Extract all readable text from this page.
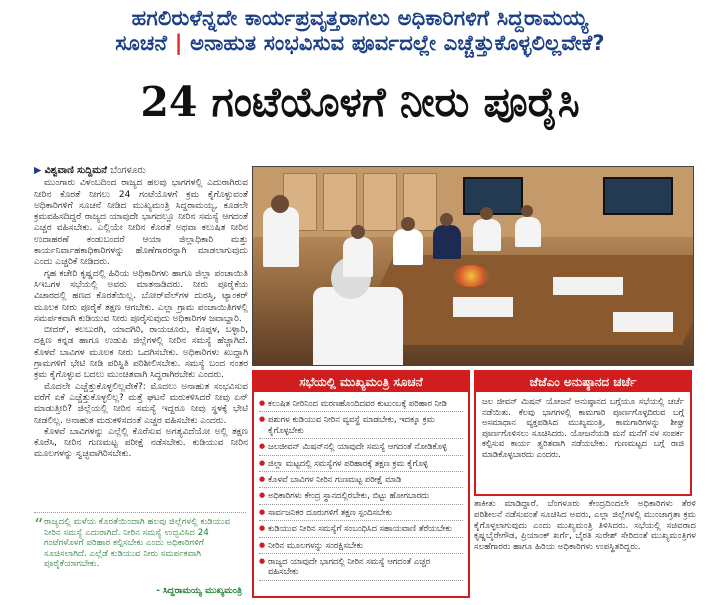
ಹಗಲಿರುಳೆನ್ನದೇ ಕಾರ್ಯಪ್ರವೃತ್ತರಾಗಲು ಅಧಿಕಾರಿಗಳಿಗೆ ಸಿದ್ದರಾಮಯ್ಯ
ಸೂಚನೆ | ಅನಾಹುತ ಸಂಭವಿಸುವ ಪೂರ್ವದಲ್ಲೇ ಎಚ್ಚೆತ್ತುಕೊಳ್ಳಲಿಲ್ಲವೇಕೆ?
24 ಗಂಟೆಯೊಳಗೆ ನೀರು ಪೂರೈಸಿ
▶ ವಿಶ್ವವಾಣಿ ಸುದ್ದಿಮನೆ ಬೆಂಗಳೂರು

ಮುಂಗಾರು ವಿಳಂಬದಿಂದ ರಾಜ್ಯದ ಹಲವು ಭಾಗಗಳಲ್ಲಿ ಎದುರಾಗಿರುವ ನೀರಿನ ಕೊರತೆ ನೀಗಲು 24 ಗಂಟೆಯೊಳಗೆ ಕ್ರಮ ಕೈಗೊಳ್ಳುವಂತೆ ಅಧಿಕಾರಿಗಳಿಗೆ ಸೂಚನೆ ನೀಡಿದ ಮುಖ್ಯಮಂತ್ರಿ ಸಿದ್ದರಾಮಯ್ಯ, ಕೂಡಲೇ ಕ್ರಮವಹಿಸದಿದ್ದರೆ ರಾಜ್ಯದ ಯಾವುದೇ ಭಾಗದಲ್ಲೂ ನೀರಿನ ಸಮಸ್ಯೆ ಆಗದಂತೆ ಎಚ್ಚರ ವಹಿಸಬೇಕು. ಎಲ್ಲಿಯೇ ನೀರಿನ ಕೊರತೆ ಅಥವಾ ಕಲುಷಿತ ನೀರಿನ ಉದಾಹರಣೆ ಕಂಡುಬಂದರೆ ಆಯಾ ಜಿಲ್ಲಾಧಿಕಾರಿ ಮತ್ತು ಕಾರ್ಯನಿರ್ವಾಹಕಾಧಿಕಾರಿಗಳನ್ನು ಹೊಣೆಗಾರರನ್ನಾಗಿ ಮಾಡಲಾಗುವುದು ಎಂದು ಎಚ್ಚರಿಕೆ ನೀಡಿದರು.

ಗೃಹ ಕಚೇರಿ ಕೃಷ್ಣದಲ್ಲಿ ಹಿರಿಯ ಅಧಿಕಾರಿಗಳು ಹಾಗೂ ಜಿಲ್ಲಾ ಪಂಚಾಯಿತಿ ಸಿಇಒಗಳ ಸಭೆಯಲ್ಲಿ ಅವರು ಮಾತನಾಡಿದರು. ನೀರು ಪೂರೈಕೆಯ ವಿಚಾರದಲ್ಲಿ ಹಣದ ಕೊರತೆಯಿಲ್ಲ. ಬೋರ್‌ವೆಲ್‌ಗಳ ದುರಸ್ತಿ, ಟ್ಯಾಂಕರ್ ಮೂಲಕ ನೀರು ಪೂರೈಕೆ ತಕ್ಷಣ ಆಗಬೇಕು. ಎಲ್ಲಾ ಗ್ರಾಮ ಪಂಚಾಯಿತಿಗಳಲ್ಲಿ ಸಮರ್ಪಕವಾಗಿ ಕುಡಿಯುವ ನೀರು ಪೂರೈಸುವುದು ಅಧಿಕಾರಿಗಳ ಜವಾಬ್ದಾರಿ.

ಬೀದರ್, ಕಲಬುರಗಿ, ಯಾದಗಿರಿ, ರಾಯಚೂರು, ಕೊಪ್ಪಳ, ಬಳ್ಳಾರಿ, ದಕ್ಷಿಣ ಕನ್ನಡ ಹಾಗೂ ಉಡುಪಿ ಜಿಲ್ಲೆಗಳಲ್ಲಿ ನೀರಿನ ಸಮಸ್ಯೆ ಹೆಚ್ಚಾಗಿದೆ. ಕೊಳವೆ ಬಾವಿಗಳ ಮೂಲಕ ನೀರು ಒದಗಿಸಬೇಕು. ಅಧಿಕಾರಿಗಳು ಖುದ್ದಾಗಿ ಗ್ರಾಮಗಳಿಗೆ ಭೇಟಿ ನೀಡಿ ಪರಿಸ್ಥಿತಿ ಪರಿಶೀಲಿಸಬೇಕು. ಸಮಸ್ಯೆ ಬಂದ ನಂತರ ಕ್ರಮ ಕೈಗೊಳ್ಳುವ ಬದಲು ಮುಂಚಿತವಾಗಿ ಸಿದ್ಧರಾಗಿರಬೇಕು ಎಂದರು.

ಮೊದಲೇ ಎಚ್ಚೆತ್ತುಕೊಳ್ಳಲಿಲ್ಲವೇಕೆ?: ಮೊದಲು ಅನಾಹುತ ಸಂಭವಿಸುವ ವರೆಗೆ ಏಕೆ ಎಚ್ಚೆತ್ತುಕೊಳ್ಳಲಿಲ್ಲ? ಮತ್ತೆ ಘಟನೆ ಮರುಕಳಿಸಿದರೆ ನೀವು ಏನ್ ಮಾಡುತ್ತೀರಿ? ಜಿಲ್ಲೆಯಲ್ಲಿ ನೀರಿನ ಸಮಸ್ಯೆ ಇದ್ದರೂ ನೀವು ಸ್ಥಳಕ್ಕೆ ಭೇಟಿ ನೀಡಲಿಲ್ಲ. ಅನಾಹುತ ಮರುಕಳಿಸದಂತೆ ಎಚ್ಚರ ವಹಿಸಬೇಕು ಎಂದರು.

ಕೊಳವೆ ಬಾವಿಗಳನ್ನು ಎಲ್ಲೆಲ್ಲಿ ಕೊರೆಸುವ ಅಗತ್ಯವಿದೆಯೋ ಅಲ್ಲಿ ತಕ್ಷಣ ಕೊರೆಸಿ, ನೀರಿನ ಗುಣಮಟ್ಟ ಪರೀಕ್ಷೆ ನಡೆಸಬೇಕು. ಕುಡಿಯುವ ನೀರಿನ ಮೂಲಗಳನ್ನು ಸ್ವಚ್ಛವಾಗಿರಿಸಬೇಕು.

ಸಭೆಯಲ್ಲಿ ಮುಖ್ಯಮಂತ್ರಿ ಸೂಚನೆ
● ಕಲುಷಿತ ನೀರಿನಿಂದ ಮರಣಹೊಂದಿದವರ ಕುಟುಂಬಕ್ಕೆ ಪರಿಹಾರ ನೀಡಿ
● ಪಶುಗಳ ಕುಡಿಯುವ ನೀರಿನ ವ್ಯವಸ್ಥೆ ಮಾಡಬೇಕು, ಇದಕ್ಕೂ ಕ್ರಮ ಕೈಗೊಳ್ಳಬೇಕು
● ಜಲಜೀವನ್ ಮಿಷನ್‌ನಲ್ಲಿ ಯಾವುದೇ ಸಮಸ್ಯೆ ಆಗದಂತೆ ನೋಡಿಕೊಳ್ಳಿ
● ಜಿಲ್ಲಾ ಮಟ್ಟದಲ್ಲಿ ಸಮಸ್ಯೆಗಳ ಪರಿಹಾರಕ್ಕೆ ತಕ್ಷಣ ಕ್ರಮ ಕೈಗೊಳ್ಳಿ
● ಕೊಳವೆ ಬಾವಿಗಳ ನೀರಿನ ಗುಣಮಟ್ಟ ಪರೀಕ್ಷೆ ಮಾಡಿ
● ಅಧಿಕಾರಿಗಳು ಕೇಂದ್ರ ಸ್ಥಾನದಲ್ಲಿರಬೇಕು, ಬಿಟ್ಟು ಹೋಗಬಾರದು
● ಸಾರ್ವಜನಿಕರ ದೂರುಗಳಿಗೆ ತಕ್ಷಣ ಸ್ಪಂದಿಸಬೇಕು
● ಕುಡಿಯುವ ನೀರಿನ ಸಮಸ್ಯೆಗೆ ಸಂಬಂಧಿಸಿದ ಸಹಾಯವಾಣಿ ತೆರೆಯಬೇಕು
● ನೀರಿನ ಮೂಲಗಳನ್ನು ಸಂರಕ್ಷಿಸಬೇಕು
● ರಾಜ್ಯದ ಯಾವುದೇ ಭಾಗದಲ್ಲಿ ನೀರಿನ ಸಮಸ್ಯೆ ಆಗದಂತೆ ಎಚ್ಚರ ವಹಿಸಬೇಕು
ಜೆಜೆಎಂ ಅನುಷ್ಠಾನದ ಚರ್ಚೆ
ಜಲ ಜೀವನ್ ಮಿಷನ್ ಯೋಜನೆ ಅನುಷ್ಠಾನದ ಬಗ್ಗೆಯೂ ಸಭೆಯಲ್ಲಿ ಚರ್ಚೆ ನಡೆಯಿತು. ಕೆಲವು ಭಾಗಗಳಲ್ಲಿ ಕಾಮಗಾರಿ ಪೂರ್ಣಗೊಳ್ಳದಿರುವ ಬಗ್ಗೆ ಅಸಮಾಧಾನ ವ್ಯಕ್ತಪಡಿಸಿದ ಮುಖ್ಯಮಂತ್ರಿ, ಕಾಮಗಾರಿಗಳನ್ನು ಶೀಘ್ರ ಪೂರ್ಣಗೊಳಿಸಲು ಸೂಚಿಸಿದರು. ಯೋಜನೆಯಡಿ ಮನೆ ಮನೆಗೆ ನಳ ಸಂಪರ್ಕ ಕಲ್ಪಿಸುವ ಕಾರ್ಯ ತ್ವರಿತವಾಗಿ ನಡೆಯಬೇಕು. ಗುಣಮಟ್ಟದ ಬಗ್ಗೆ ರಾಜಿ ಮಾಡಿಕೊಳ್ಳಬಾರದು ಎಂದರು.

ತಾಕೀತು ಮಾಡಿದ್ದಾರೆ. ಬೆಂಗಳೂರು ಕೇಂದ್ರದಿಂದಲೇ ಅಧಿಕಾರಿಗಳು ತೆರಳಿ ಪರಿಶೀಲನೆ ನಡೆಸುವಂತೆ ಸೂಚಿಸಿದ ಅವರು, ಎಲ್ಲಾ ಜಿಲ್ಲೆಗಳಲ್ಲಿ ಮುಂಜಾಗ್ರತಾ ಕ್ರಮ ಕೈಗೊಳ್ಳಲಾಗುವುದು ಎಂದು ಮುಖ್ಯಮಂತ್ರಿ ತಿಳಿಸಿದರು. ಸಭೆಯಲ್ಲಿ ಸಚಿವರಾದ ಕೃಷ್ಣಬೈರೇಗೌಡ, ಪ್ರಿಯಾಂಕ್ ಖರ್ಗೆ, ಬೈರತಿ ಸುರೇಶ್ ಸೇರಿದಂತೆ ಮುಖ್ಯಮಂತ್ರಿಗಳ ಸಲಹೆಗಾರರು ಹಾಗೂ ಹಿರಿಯ ಅಧಿಕಾರಿಗಳು ಉಪಸ್ಥಿತರಿದ್ದರು.

“ ರಾಜ್ಯದಲ್ಲಿ ಮಳೆಯ ಕೊರತೆಯಿಂದಾಗಿ ಹಲವು ಜಿಲ್ಲೆಗಳಲ್ಲಿ ಕುಡಿಯುವ ನೀರಿನ ಸಮಸ್ಯೆ ಎದುರಾಗಿದೆ. ನೀರಿನ ಸಮಸ್ಯೆ ಉದ್ಭವಿಸಿದ 24 ಗಂಟೆಗಳೊಳಗೆ ಪರಿಹಾರ ಕಲ್ಪಿಸಬೇಕು ಎಂದು ಅಧಿಕಾರಿಗಳಿಗೆ ಸೂಚಿಸಲಾಗಿದೆ. ಎಲ್ಲೆಡೆ ಕುಡಿಯುವ ನೀರು ಸಮರ್ಪಕವಾಗಿ ಪೂರೈಕೆಯಾಗಬೇಕು.
- ಸಿದ್ದರಾಮಯ್ಯ ಮುಖ್ಯಮಂತ್ರಿ
